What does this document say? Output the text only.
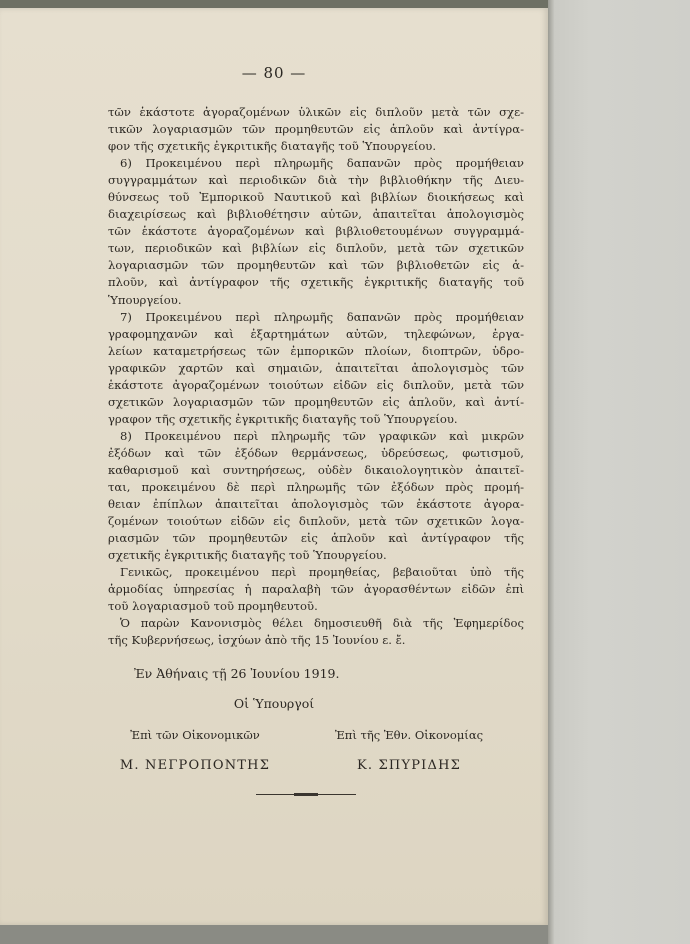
— 80 —
τῶν ἑκάστοτε ἀγοραζομένων ὑλικῶν εἰς διπλοῦν μετὰ τῶν σχε-
τικῶν λογαριασμῶν τῶν προμηθευτῶν εἰς ἁπλοῦν καὶ ἀντίγρα-
φον τῆς σχετικῆς ἐγκριτικῆς διαταγῆς τοῦ Ὑπουργείου.
6) Προκειμένου περὶ πληρωμῆς δαπανῶν πρὸς προμήθειαν
συγγραμμάτων καὶ περιοδικῶν διὰ τὴν βιβλιοθήκην τῆς Διευ-
θύνσεως τοῦ Ἐμπορικοῦ Ναυτικοῦ καὶ βιβλίων διοικήσεως καὶ
διαχειρίσεως καὶ βιβλιοθέτησιν αὐτῶν, ἀπαιτεῖται ἀπολογισμὸς
τῶν ἑκάστοτε ἀγοραζομένων καὶ βιβλιοθετουμένων συγγραμμά-
των, περιοδικῶν καὶ βιβλίων εἰς διπλοῦν, μετὰ τῶν σχετικῶν
λογαριασμῶν τῶν προμηθευτῶν καὶ τῶν βιβλιοθετῶν εἰς ἁ-
πλοῦν, καὶ ἀντίγραφον τῆς σχετικῆς ἐγκριτικῆς διαταγῆς τοῦ
Ὑπουργείου.
7) Προκειμένου περὶ πληρωμῆς δαπανῶν πρὸς προμήθειαν
γραφομηχανῶν καὶ ἐξαρτημάτων αὐτῶν, τηλεφώνων, ἐργα-
λείων καταμετρήσεως τῶν ἐμπορικῶν πλοίων, διοπτρῶν, ὑδρο-
γραφικῶν χαρτῶν καὶ σημαιῶν, ἀπαιτεῖται ἀπολογισμὸς τῶν
ἑκάστοτε ἀγοραζομένων τοιούτων εἰδῶν εἰς διπλοῦν, μετὰ τῶν
σχετικῶν λογαριασμῶν τῶν προμηθευτῶν εἰς ἁπλοῦν, καὶ ἀντί-
γραφον τῆς σχετικῆς ἐγκριτικῆς διαταγῆς τοῦ Ὑπουργείου.
8) Προκειμένου περὶ πληρωμῆς τῶν γραφικῶν καὶ μικρῶν
ἐξόδων καὶ τῶν ἐξόδων θερμάνσεως, ὑδρεύσεως, φωτισμοῦ,
καθαρισμοῦ καὶ συντηρήσεως, οὐδὲν δικαιολογητικὸν ἀπαιτεῖ-
ται, προκειμένου δὲ περὶ πληρωμῆς τῶν ἐξόδων πρὸς προμή-
θειαν ἐπίπλων ἀπαιτεῖται ἀπολογισμὸς τῶν ἑκάστοτε ἀγορα-
ζομένων τοιούτων εἰδῶν εἰς διπλοῦν, μετὰ τῶν σχετικῶν λογα-
ριασμῶν τῶν προμηθευτῶν εἰς ἁπλοῦν καὶ ἀντίγραφον τῆς
σχετικῆς ἐγκριτικῆς διαταγῆς τοῦ Ὑπουργείου.
Γενικῶς, προκειμένου περὶ προμηθείας, βεβαιοῦται ὑπὸ τῆς
ἁρμοδίας ὑπηρεσίας ἡ παραλαβὴ τῶν ἀγορασθέντων εἰδῶν ἐπὶ
τοῦ λογαριασμοῦ τοῦ προμηθευτοῦ.
Ὁ παρὼν Κανονισμὸς θέλει δημοσιευθῆ διὰ τῆς Ἐφημερίδος
τῆς Κυβερνήσεως, ἰσχύων ἀπὸ τῆς 15 Ἰουνίου ε. ἔ.
Ἐν Ἀθήναις τῇ 26 Ἰουνίου 1919.
Οἱ Ὑπουργοί
Ἐπὶ τῶν Οἰκονομικῶν
Μ. ΝΕΓΡΟΠΟΝΤΗΣ
Ἐπὶ τῆς Ἐθν. Οἰκονομίας
Κ. ΣΠΥΡΙΔΗΣ
